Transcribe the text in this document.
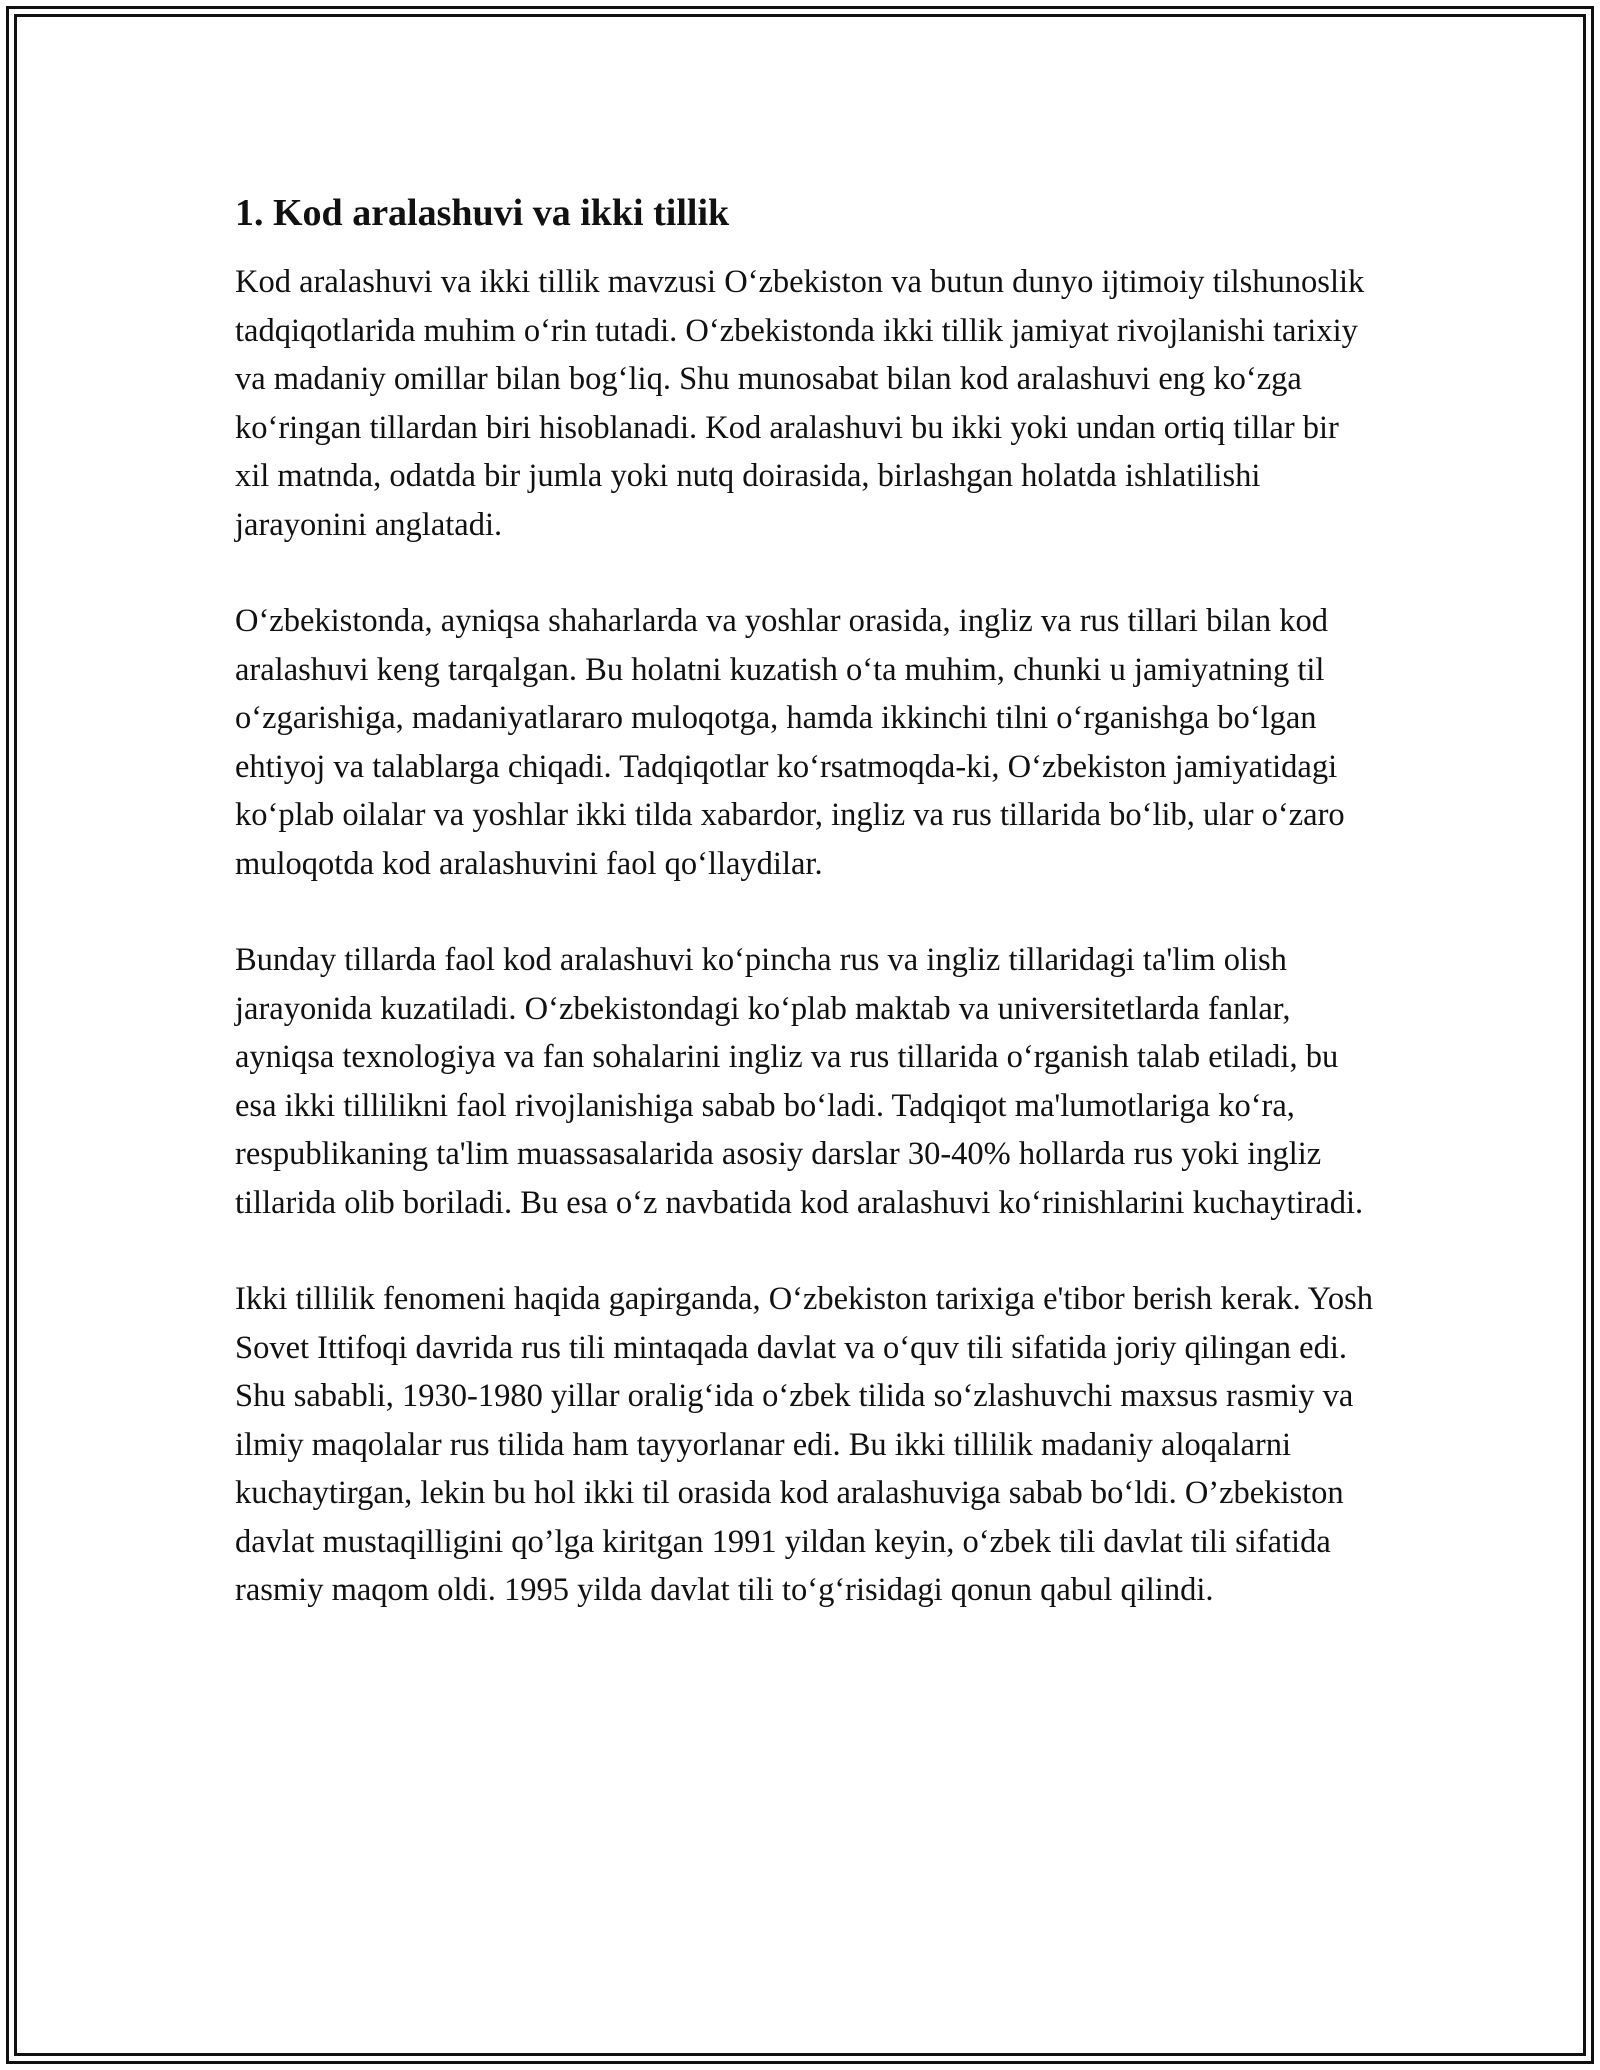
1. Kod aralashuvi va ikki tillik

Kod aralashuvi va ikki tillik mavzusi O‘zbekiston va butun dunyo ijtimoiy tilshunoslik tadqiqotlarida muhim o‘rin tutadi. O‘zbekistonda ikki tillik jamiyat rivojlanishi tarixiy va madaniy omillar bilan bog‘liq. Shu munosabat bilan kod aralashuvi eng ko‘zga ko‘ringan tillardan biri hisoblanadi. Kod aralashuvi bu ikki yoki undan ortiq tillar bir xil matnda, odatda bir jumla yoki nutq doirasida, birlashgan holatda ishlatilishi jarayonini anglatadi.

O‘zbekistonda, ayniqsa shaharlarda va yoshlar orasida, ingliz va rus tillari bilan kod aralashuvi keng tarqalgan. Bu holatni kuzatish o‘ta muhim, chunki u jamiyatning til o‘zgarishiga, madaniyatlararo muloqotga, hamda ikkinchi tilni o‘rganishga bo‘lgan ehtiyoj va talablarga chiqadi. Tadqiqotlar ko‘rsatmoqda-ki, O‘zbekiston jamiyatidagi ko‘plab oilalar va yoshlar ikki tilda xabardor, ingliz va rus tillarida bo‘lib, ular o‘zaro muloqotda kod aralashuvini faol qo‘llaydilar.

Bunday tillarda faol kod aralashuvi ko‘pincha rus va ingliz tillaridagi ta'lim olish jarayonida kuzatiladi. O‘zbekistondagi ko‘plab maktab va universitetlarda fanlar, ayniqsa texnologiya va fan sohalarini ingliz va rus tillarida o‘rganish talab etiladi, bu esa ikki tillilikni faol rivojlanishiga sabab bo‘ladi. Tadqiqot ma'lumotlariga ko‘ra, respublikaning ta'lim muassasalarida asosiy darslar 30-40% hollarda rus yoki ingliz tillarida olib boriladi. Bu esa o‘z navbatida kod aralashuvi ko‘rinishlarini kuchaytiradi.

Ikki tillilik fenomeni haqida gapirganda, O‘zbekiston tarixiga e'tibor berish kerak. Yosh Sovet Ittifoqi davrida rus tili mintaqada davlat va o‘quv tili sifatida joriy qilingan edi. Shu sababli, 1930-1980 yillar oralig‘ida o‘zbek tilida so‘zlashuvchi maxsus rasmiy va ilmiy maqolalar rus tilida ham tayyorlanar edi. Bu ikki tillilik madaniy aloqalarni kuchaytirgan, lekin bu hol ikki til orasida kod aralashuviga sabab bo‘ldi. O’zbekiston davlat mustaqilligini qo’lga kiritgan 1991 yildan keyin, o‘zbek tili davlat tili sifatida rasmiy maqom oldi. 1995 yilda davlat tili to‘g‘risidagi qonun qabul qilindi.
